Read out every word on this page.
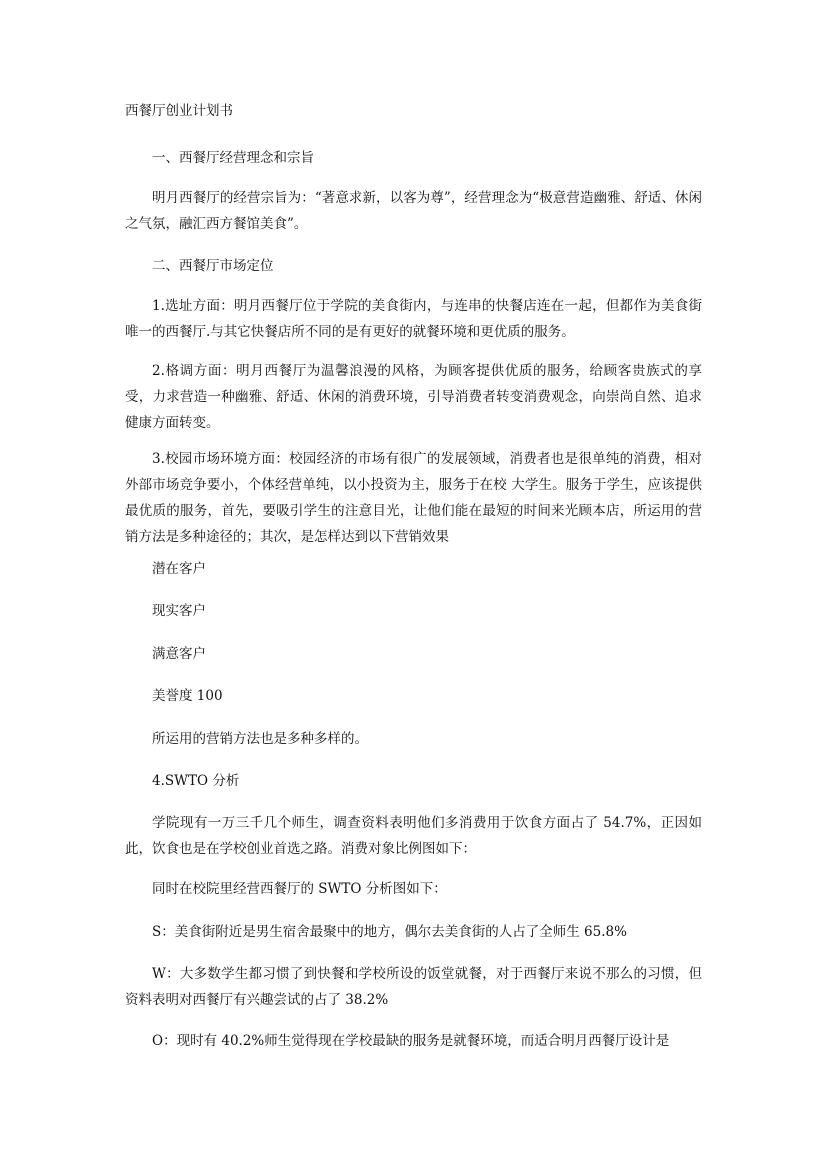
西餐厅创业计划书

一、西餐厅经营理念和宗旨

明月西餐厅的经营宗旨为：“著意求新，以客为尊”，经营理念为“极意营造幽雅、舒适、休闲之气氛，融汇西方餐馆美食”。

二、西餐厅市场定位

1.选址方面：明月西餐厅位于学院的美食街内，与连串的快餐店连在一起，但都作为美食街唯一的西餐厅.与其它快餐店所不同的是有更好的就餐环境和更优质的服务。

2.格调方面：明月西餐厅为温馨浪漫的风格，为顾客提供优质的服务，给顾客贵族式的享受，力求营造一种幽雅、舒适、休闲的消费环境，引导消费者转变消费观念，向崇尚自然、追求健康方面转变。

3.校园市场环境方面：校园经济的市场有很广的发展领域，消费者也是很单纯的消费，相对外部市场竞争要小，个体经营单纯，以小投资为主，服务于在校 大学生。服务于学生，应该提供最优质的服务，首先，要吸引学生的注意目光，让他们能在最短的时间来光顾本店，所运用的营销方法是多种途径的；其次，是怎样达到以下营销效果

潜在客户

现实客户

满意客户

美誉度 100

所运用的营销方法也是多种多样的。

4.SWTO 分析

学院现有一万三千几个师生，调查资料表明他们多消费用于饮食方面占了 54.7%，正因如此，饮食也是在学校创业首选之路。消费对象比例图如下：

同时在校院里经营西餐厅的 SWTO 分析图如下：

S：美食街附近是男生宿舍最聚中的地方，偶尔去美食街的人占了全师生 65.8%

W：大多数学生都习惯了到快餐和学校所设的饭堂就餐，对于西餐厅来说不那么的习惯，但资料表明对西餐厅有兴趣尝试的占了 38.2%

O：现时有 40.2%师生觉得现在学校最缺的服务是就餐环境，而适合明月西餐厅设计是
